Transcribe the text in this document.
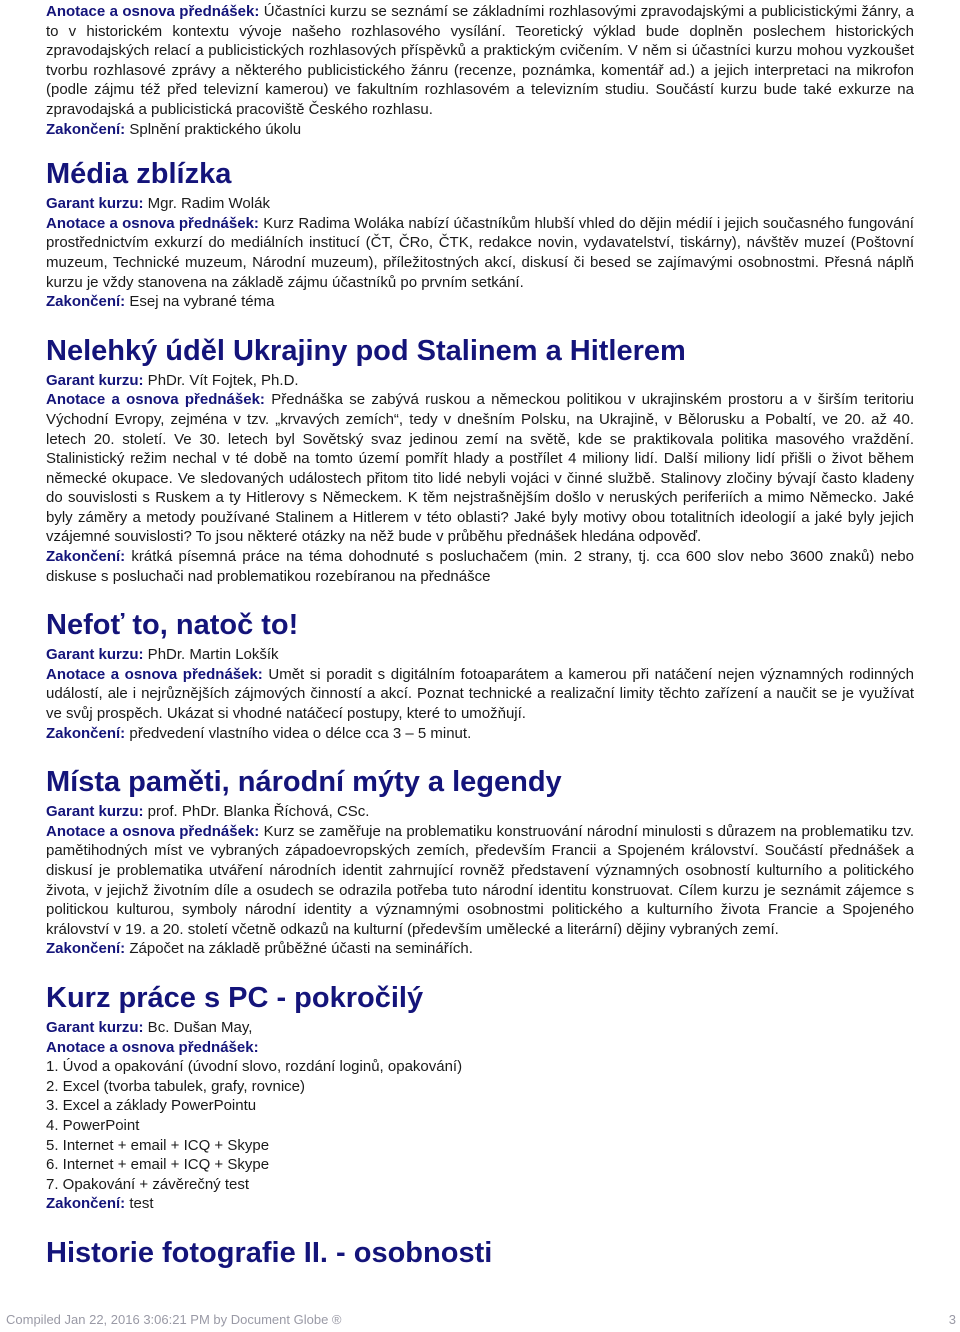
Anotace a osnova přednášek: Účastníci kurzu se seznámí se základními rozhlasovými zpravodajskými a publicistickými žánry, a to v historickém kontextu vývoje našeho rozhlasového vysílání. Teoretický výklad bude doplněn poslechem historických zpravodajských relací a publicistických rozhlasových příspěvků a praktickým cvičením. V něm si účastníci kurzu mohou vyzkoušet tvorbu rozhlasové zprávy a některého publicistického žánru (recenze, poznámka, komentář ad.) a jejich interpretaci na mikrofon (podle zájmu též před televizní kamerou) ve fakultním rozhlasovém a televizním studiu. Součástí kurzu bude také exkurze na zpravodajská a publicistická pracoviště Českého rozhlasu.

Zakončení: Splnění praktického úkolu

Média zblízka

Garant kurzu: Mgr. Radim Wolák

Anotace a osnova přednášek: Kurz Radima Woláka nabízí účastníkům hlubší vhled do dějin médií i jejich současného fungování prostřednictvím exkurzí do mediálních institucí (ČT, ČRo, ČTK, redakce novin, vydavatelství, tiskárny), návštěv muzeí (Poštovní muzeum, Technické muzeum, Národní muzeum), příležitostných akcí, diskusí či besed se zajímavými osobnostmi. Přesná náplň kurzu je vždy stanovena na základě zájmu účastníků po prvním setkání.

Zakončení: Esej na vybrané téma

Nelehký úděl Ukrajiny pod Stalinem a Hitlerem

Garant kurzu: PhDr. Vít Fojtek, Ph.D.

Anotace a osnova přednášek: Přednáška se zabývá ruskou a německou politikou v ukrajinském prostoru a v širším teritoriu Východní Evropy, zejména v tzv. „krvavých zemích“, tedy v dnešním Polsku, na Ukrajině, v Bělorusku a Pobaltí, ve 20. až 40. letech 20. století. Ve 30. letech byl Sovětský svaz jedinou zemí na světě, kde se praktikovala politika masového vraždění. Stalinistický režim nechal v té době na tomto území pomřít hlady a postřílet 4 miliony lidí. Další miliony lidí přišli o život během německé okupace. Ve sledovaných událostech přitom tito lidé nebyli vojáci v činné službě. Stalinovy zločiny bývají často kladeny do souvislosti s Ruskem a ty Hitlerovy s Německem. K těm nejstrašnějším došlo v neruských periferiích a mimo Německo. Jaké byly záměry a metody používané Stalinem a Hitlerem v této oblasti? Jaké byly motivy obou totalitních ideologií a jaké byly jejich vzájemné souvislosti? To jsou některé otázky na něž bude v průběhu přednášek hledána odpověď.

Zakončení: krátká písemná práce na téma dohodnuté s posluchačem (min. 2 strany, tj. cca 600 slov nebo 3600 znaků) nebo diskuse s posluchači nad problematikou rozebíranou na přednášce

Nefoť to, natoč to!

Garant kurzu: PhDr. Martin Lokšík

Anotace a osnova přednášek: Umět si poradit s digitálním fotoaparátem a kamerou při natáčení nejen významných rodinných událostí, ale i nejrůznějších zájmových činností a akcí. Poznat technické a realizační limity těchto zařízení a naučit se je využívat ve svůj prospěch. Ukázat si vhodné natáčecí postupy, které to umožňují.

Zakončení: předvedení vlastního videa o délce cca 3 – 5 minut.

Místa paměti, národní mýty a legendy

Garant kurzu: prof. PhDr. Blanka Říchová, CSc.

Anotace a osnova přednášek: Kurz se zaměřuje na problematiku konstruování národní minulosti s důrazem na problematiku tzv. pamětihodných míst ve vybraných západoevropských zemích, především Francii a Spojeném království. Součástí přednášek a diskusí je problematika utváření národních identit zahrnující rovněž představení významných osobností kulturního a politického života, v jejichž životním díle a osudech se odrazila potřeba tuto národní identitu konstruovat. Cílem kurzu je seznámit zájemce s politickou kulturou, symboly národní identity a významnými osobnostmi politického a kulturního života Francie a Spojeného království v 19. a 20. století včetně odkazů na kulturní (především umělecké a literární) dějiny vybraných zemí.

Zakončení: Zápočet na základě průběžné účasti na seminářích.

Kurz práce s PC - pokročilý

Garant kurzu: Bc. Dušan May,

Anotace a osnova přednášek:

1. Úvod a opakování (úvodní slovo, rozdání loginů, opakování)
2. Excel (tvorba tabulek, grafy, rovnice)
3. Excel a základy PowerPointu
4. PowerPoint
5. Internet + email + ICQ + Skype
6. Internet + email + ICQ + Skype
7. Opakování + závěrečný test

Zakončení: test

Historie fotografie II. - osobnosti
Compiled Jan 22, 2016 3:06:21 PM by Document Globe ®	3
